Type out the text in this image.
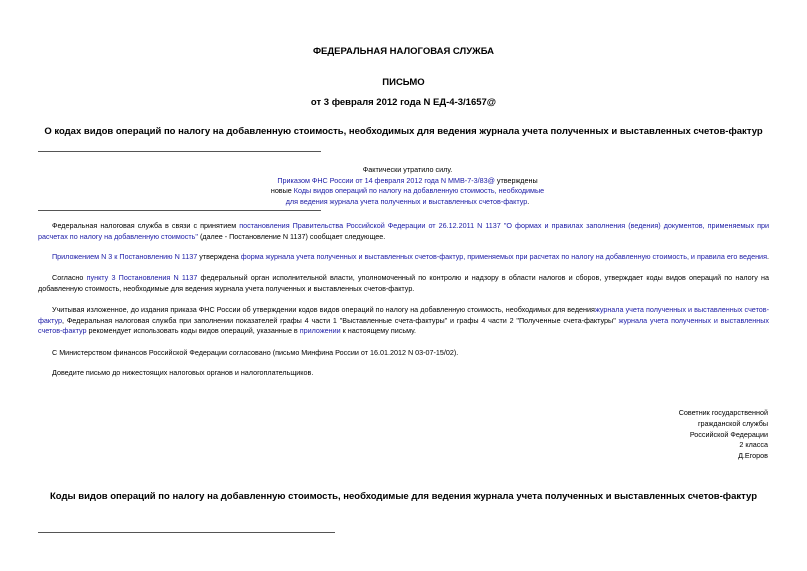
ФЕДЕРАЛЬНАЯ НАЛОГОВАЯ СЛУЖБА
ПИСЬМО
от 3 февраля 2012 года N ЕД-4-3/1657@
О кодах видов операций по налогу на добавленную стоимость, необходимых для ведения журнала учета полученных и выставленных счетов-фактур
Фактически утратило силу.
Приказом ФНС России от 14 февраля 2012 года N ММВ-7-3/83@ утверждены
новые Коды видов операций по налогу на добавленную стоимость, необходимые
для ведения журнала учета полученных и выставленных счетов-фактур.
Федеральная налоговая служба в связи с принятием постановления Правительства Российской Федерации от 26.12.2011 N 1137 "О формах и правилах заполнения (ведения) документов, применяемых при расчетах по налогу на добавленную стоимость" (далее - Постановление N 1137) сообщает следующее.
Приложением N 3 к Постановлению N 1137 утверждена форма журнала учета полученных и выставленных счетов-фактур, применяемых при расчетах по налогу на добавленную стоимость, и правила его ведения.
Согласно пункту 3 Постановления N 1137 федеральный орган исполнительной власти, уполномоченный по контролю и надзору в области налогов и сборов, утверждает коды видов операций по налогу на добавленную стоимость, необходимые для ведения журнала учета полученных и выставленных счетов-фактур.
Учитывая изложенное, до издания приказа ФНС России об утверждении кодов видов операций по налогу на добавленную стоимость, необходимых для веденияжурнала учета полученных и выставленных счетов-фактур, Федеральная налоговая служба при заполнении показателей графы 4 части 1 "Выставленные счета-фактуры" и графы 4 части 2 "Полученные счета-фактуры" журнала учета полученных и выставленных счетов-фактур рекомендует использовать коды видов операций, указанные в приложении к настоящему письму.
С Министерством финансов Российской Федерации согласовано (письмо Минфина России от 16.01.2012 N 03-07-15/02).
Доведите письмо до нижестоящих налоговых органов и налогоплательщиков.
Советник государственной
гражданской службы
Российской Федерации
2 класса
Д.Егоров
Коды видов операций по налогу на добавленную стоимость, необходимые для ведения журнала учета полученных и выставленных счетов-фактур
